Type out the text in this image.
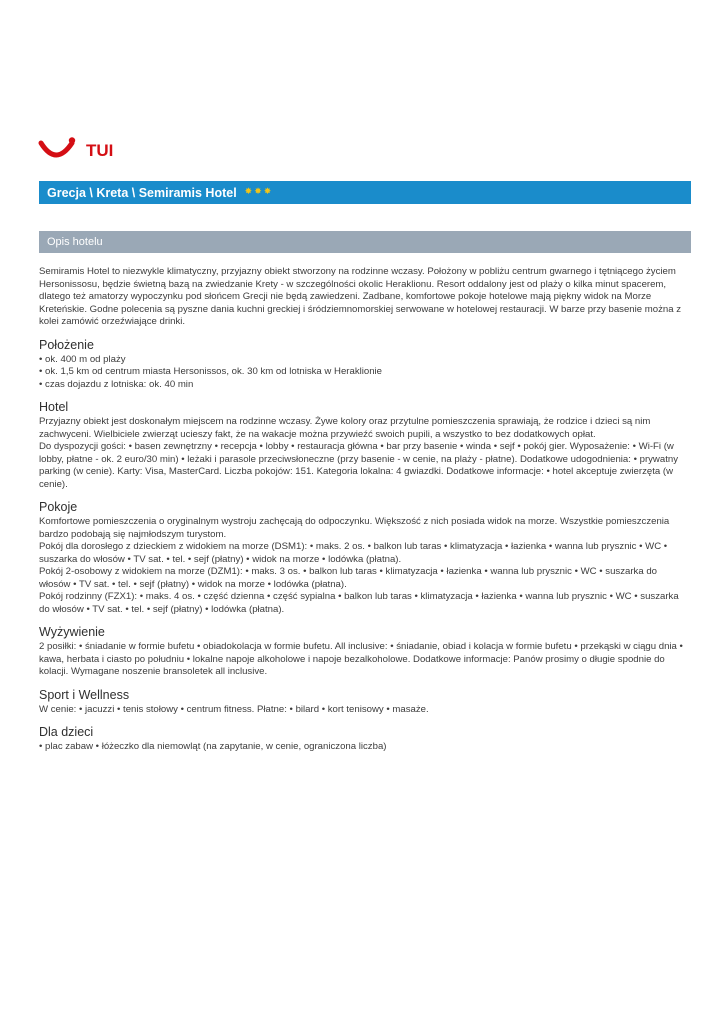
TUI
Grecja \ Kreta \ Semiramis Hotel ✸ ✸ ✸
Opis hotelu

Semiramis Hotel to niezwykle klimatyczny, przyjazny obiekt stworzony na rodzinne wczasy. Położony w pobliżu centrum gwarnego i tętniącego życiem Hersonissosu, będzie świetną bazą na zwiedzanie Krety - w szczególności okolic Heraklionu. Resort oddalony jest od plaży o kilka minut spacerem, dlatego też amatorzy wypoczynku pod słońcem Grecji nie będą zawiedzeni. Zadbane, komfortowe pokoje hotelowe mają piękny widok na Morze Kreteńskie. Godne polecenia są pyszne dania kuchni greckiej i śródziemnomorskiej serwowane w hotelowej restauracji. W barze przy basenie można z kolei zamówić orzeźwiające drinki.

Położenie
• ok. 400 m od plaży
• ok. 1,5 km od centrum miasta Hersonissos, ok. 30 km od lotniska w Heraklionie
• czas dojazdu z lotniska: ok. 40 min
Hotel

Przyjazny obiekt jest doskonałym miejscem na rodzinne wczasy. Żywe kolory oraz przytulne pomieszczenia sprawiają, że rodzice i dzieci są nim zachwyceni. Wielbiciele zwierząt ucieszy fakt, że na wakacje można przywieźć swoich pupili, a wszystko to bez dodatkowych opłat.
Do dyspozycji gości: • basen zewnętrzny • recepcja • lobby • restauracja główna • bar przy basenie • winda • sejf • pokój gier. Wyposażenie: • Wi-Fi (w lobby, płatne - ok. 2 euro/30 min) • leżaki i parasole przeciwsłoneczne (przy basenie - w cenie, na plaży - płatne). Dodatkowe udogodnienia: • prywatny parking (w cenie). Karty: Visa, MasterCard. Liczba pokojów: 151. Kategoria lokalna: 4 gwiazdki. Dodatkowe informacje: • hotel akceptuje zwierzęta (w cenie).

Pokoje

Komfortowe pomieszczenia o oryginalnym wystroju zachęcają do odpoczynku. Większość z nich posiada widok na morze. Wszystkie pomieszczenia bardzo podobają się najmłodszym turystom.
Pokój dla dorosłego z dzieckiem z widokiem na morze (DSM1): • maks. 2 os. • balkon lub taras • klimatyzacja • łazienka • wanna lub prysznic • WC • suszarka do włosów • TV sat. • tel. • sejf (płatny) • widok na morze • lodówka (płatna).
Pokój 2-osobowy z widokiem na morze (DZM1): • maks. 3 os. • balkon lub taras • klimatyzacja • łazienka • wanna lub prysznic • WC • suszarka do włosów • TV sat. • tel. • sejf (płatny) • widok na morze • lodówka (płatna).
Pokój rodzinny (FZX1): • maks. 4 os. • część dzienna • część sypialna • balkon lub taras • klimatyzacja • łazienka • wanna lub prysznic • WC • suszarka do włosów • TV sat. • tel. • sejf (płatny) • lodówka (płatna).

Wyżywienie

2 posiłki: • śniadanie w formie bufetu • obiadokolacja w formie bufetu. All inclusive: • śniadanie, obiad i kolacja w formie bufetu • przekąski w ciągu dnia • kawa, herbata i ciasto po południu • lokalne napoje alkoholowe i napoje bezalkoholowe. Dodatkowe informacje: Panów prosimy o długie spodnie do kolacji. Wymagane noszenie bransoletek all inclusive.

Sport i Wellness

W cenie: • jacuzzi • tenis stołowy • centrum fitness. Płatne: • bilard • kort tenisowy • masaże.

Dla dzieci

• plac zabaw • łóżeczko dla niemowląt (na zapytanie, w cenie, ograniczona liczba)
